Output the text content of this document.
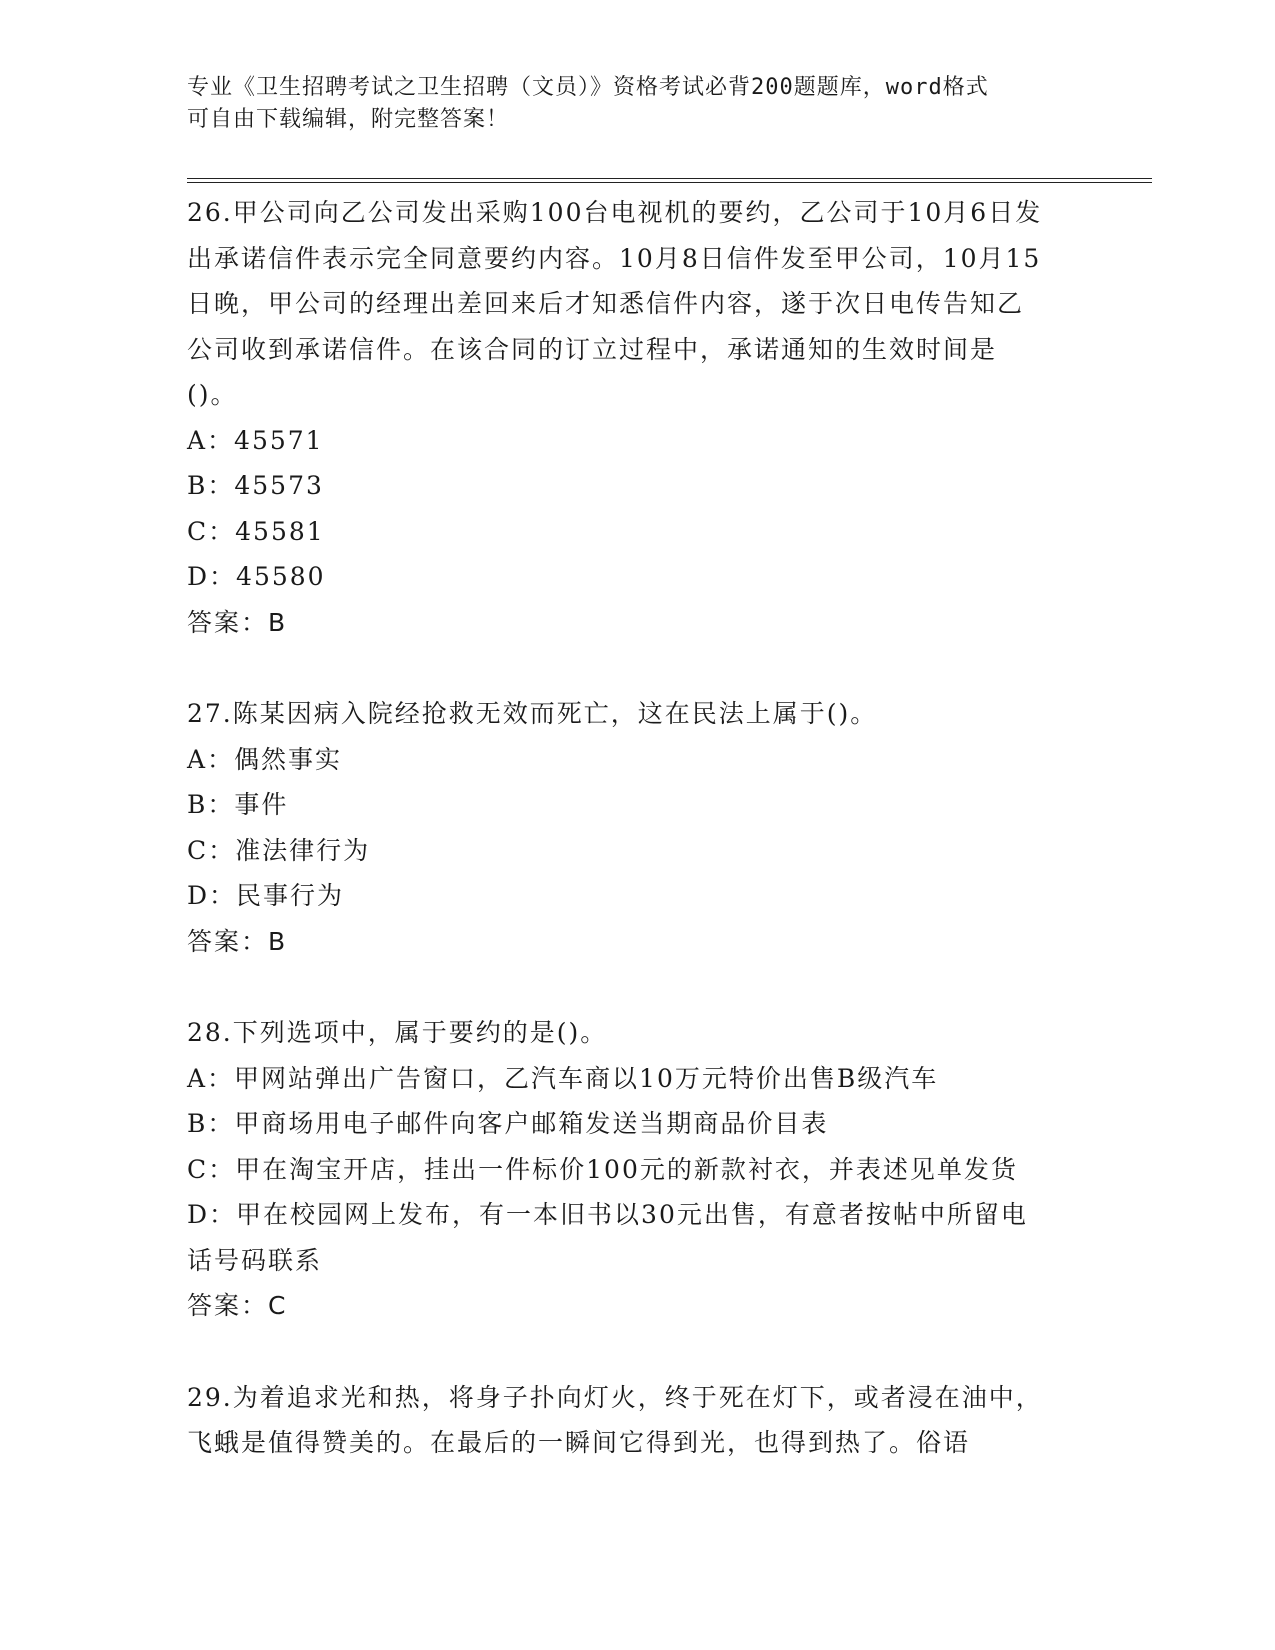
专业《卫生招聘考试之卫生招聘（文员）》资格考试必背200题题库，word格式
可自由下载编辑，附完整答案！

26.甲公司向乙公司发出采购100台电视机的要约，乙公司于10月6日发出承诺信件表示完全同意要约内容。10月8日信件发至甲公司，10月15日晚，甲公司的经理出差回来后才知悉信件内容，遂于次日电传告知乙公司收到承诺信件。在该合同的订立过程中，承诺通知的生效时间是()。

A：45571

B：45573

C：45581

D：45580

答案：B

27.陈某因病入院经抢救无效而死亡，这在民法上属于()。

A：偶然事实

B：事件

C：准法律行为

D：民事行为

答案：B

28.下列选项中，属于要约的是()。

A：甲网站弹出广告窗口，乙汽车商以10万元特价出售B级汽车

B：甲商场用电子邮件向客户邮箱发送当期商品价目表

C：甲在淘宝开店，挂出一件标价100元的新款衬衣，并表述见单发货

D：甲在校园网上发布，有一本旧书以30元出售，有意者按帖中所留电话号码联系

答案：C

29.为着追求光和热，将身子扑向灯火，终于死在灯下，或者浸在油中，飞蛾是值得赞美的。在最后的一瞬间它得到光，也得到热了。俗语
